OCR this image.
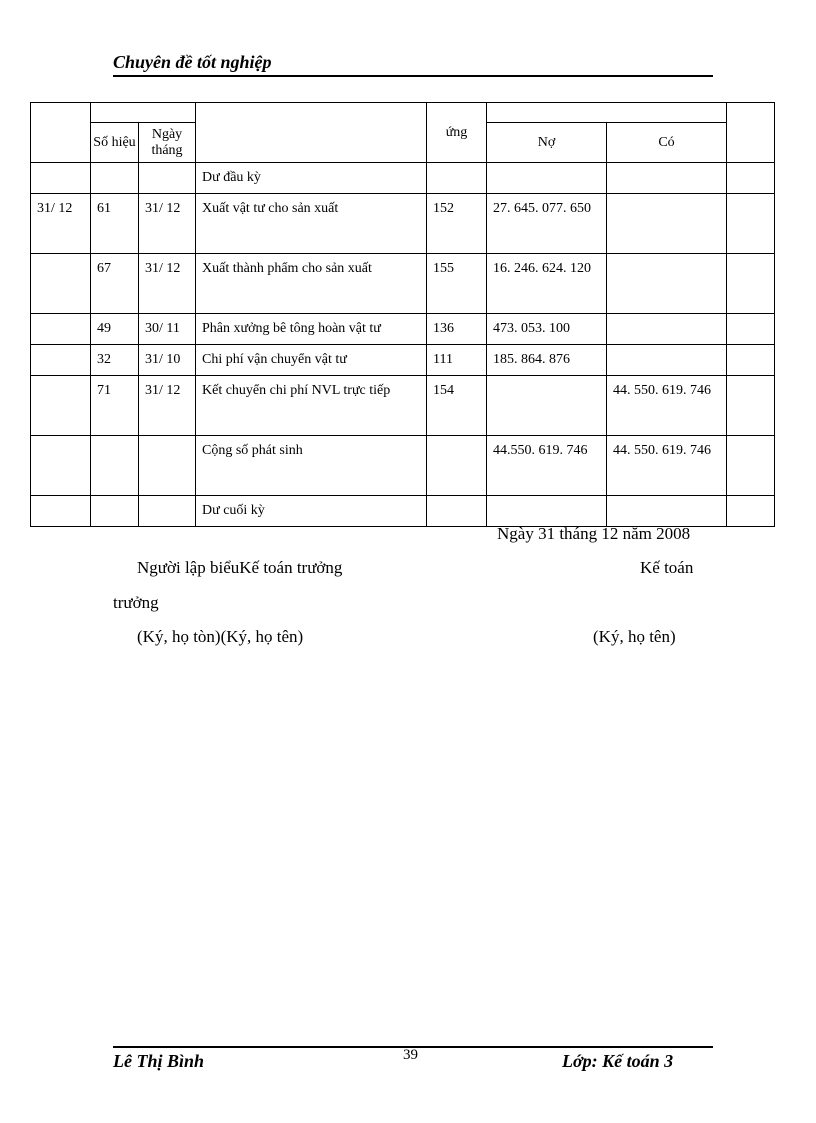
Chuyên đề tốt nghiệp
				ứng			
	Số hiệu	Ngày tháng			Nợ	Có	
			Dư đầu kỳ				
31/ 12	61	31/ 12	Xuất vật tư cho sản xuất	152	27. 645. 077. 650		
	67	31/ 12	Xuất thành phẩm cho sản xuất	155	16. 246. 624. 120		
	49	30/ 11	Phân xưởng bê tông hoàn vật tư	136	473. 053. 100		
	32	31/ 10	Chi phí vận chuyển vật tư	111	185. 864. 876		
	71	31/ 12	Kết chuyển chi phí NVL trực tiếp	154		44. 550. 619. 746	
			Cộng số phát sinh		44.550. 619. 746	44. 550. 619. 746	
			Dư cuối kỳ				
Ngày 31 tháng 12 năm 2008
Người lập biểuKế toán trưởng	Kế toán
trưởng
(Ký, họ tòn)(Ký, họ tên)	(Ký, họ tên)
Lê Thị Bình	39	Lớp: Kế toán 3
